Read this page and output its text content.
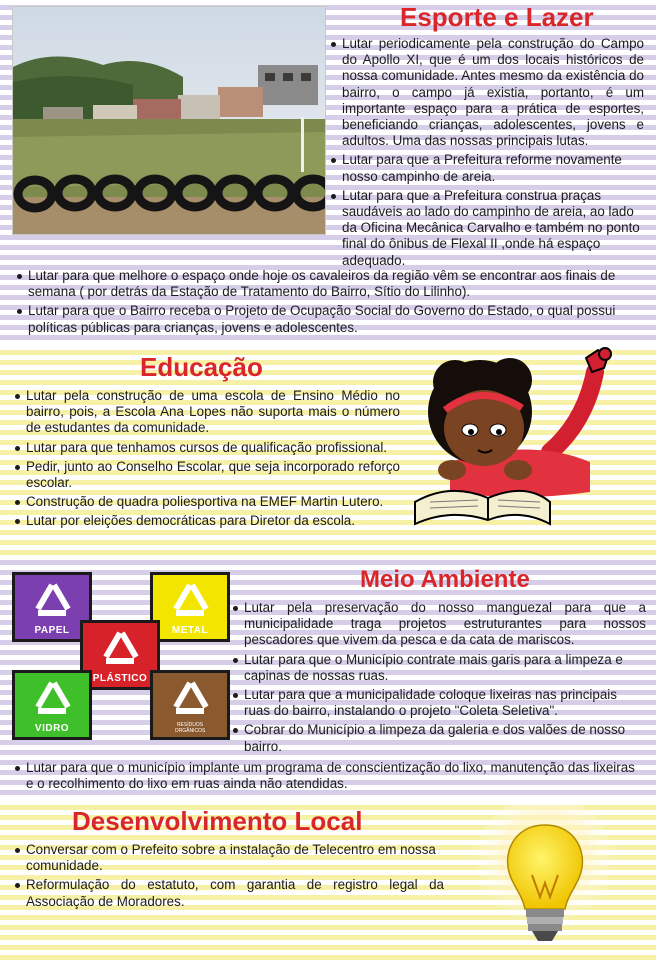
Esporte e Lazer
Lutar periodicamente pela construção do Campo do Apollo XI, que é um dos locais históricos de nossa comunidade. Antes mesmo da existência do bairro, o campo já existia, portanto, é um importante espaço para a prática de esportes, beneficiando crianças, adolescentes, jovens e adultos. Uma das nossas principais lutas.
Lutar para que a Prefeitura reforme novamente nosso campinho de areia.
Lutar para que a Prefeitura construa praças saudáveis ao lado do campinho de areia, ao lado da Oficina Mecânica Carvalho e também no ponto final do ônibus de Flexal II ,onde há espaço adequado.
Lutar para que melhore o espaço onde hoje os cavaleiros da região vêm se encontrar aos finais de semana ( por detrás da Estação de Tratamento do Bairro, Sítio do Lilinho).
Lutar para que o Bairro receba o Projeto de Ocupação Social do Governo do Estado, o qual possui políticas públicas para crianças, jovens e adolescentes.
Educação
Lutar pela construção de uma escola de Ensino Médio no bairro, pois, a Escola Ana Lopes não suporta mais o número de estudantes da comunidade.
Lutar para que tenhamos cursos de qualificação profissional.
Pedir, junto ao Conselho Escolar, que seja incorporado reforço escolar.
Construção de quadra poliesportiva na EMEF Martin Lutero.
Lutar por eleições democráticas para Diretor da escola.
Meio Ambiente
PAPEL	METAL
PLÁSTICO
VIDRO	RESÍDUOS
ORGÂNICOS
Lutar pela preservação do nosso manguezal para que a municipalidade traga projetos estruturantes para nossos pescadores que vivem da pesca e da cata de mariscos.
Lutar para que o Município contrate mais garis para a limpeza e capinas de nossas ruas.
Lutar para que a municipalidade coloque lixeiras nas principais ruas do bairro, instalando o projeto "Coleta Seletiva".
Cobrar do Município a limpeza da galeria e dos valões de nosso bairro.
Lutar para que o município implante um programa de conscientização do lixo, manutenção das lixeiras e o recolhimento do lixo em ruas ainda não atendidas.
Desenvolvimento Local
Conversar com o Prefeito sobre a instalação de Telecentro em nossa comunidade.
Reformulação do estatuto, com garantia de registro legal da Associação de Moradores.
